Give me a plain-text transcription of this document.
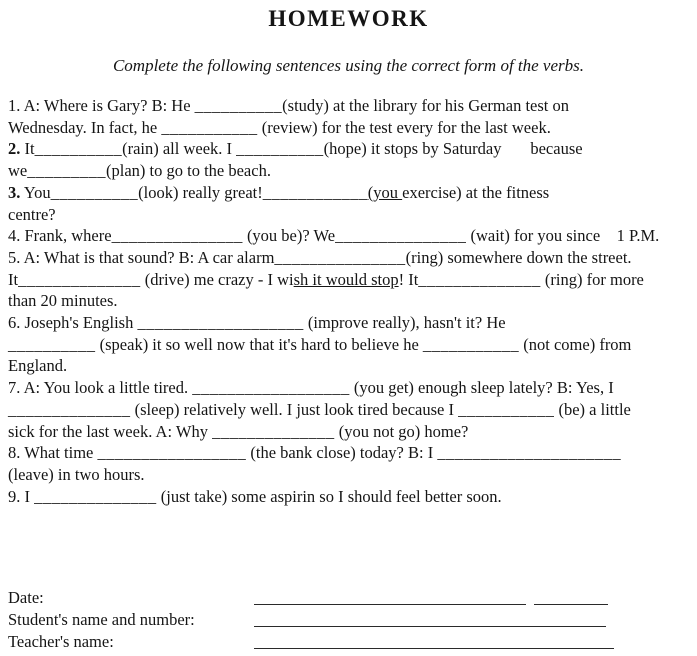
HOMEWORK

Complete the following sentences using the correct form of the verbs.

1. A: Where is Gary? B: He __________(study) at the library for his German test on
Wednesday. In fact, he ___________ (review) for the test every for the last week.
2. It__________(rain) all week. I __________(hope) it stops by Saturday       because
we_________(plan) to go to the beach.
3. You__________(look) really great!____________(you exercise) at the fitness
centre?
4. Frank, where_______________ (you be)? We_______________ (wait) for you since    1 P.M.
5. A: What is that sound? B: A car alarm_______________(ring) somewhere down the street.
It______________ (drive) me crazy - I wish it would stop! It______________ (ring) for more
than 20 minutes.
6. Joseph's English ___________________ (improve really), hasn't it? He
__________ (speak) it so well now that it's hard to believe he ___________ (not come) from
England.
7. A: You look a little tired. __________________ (you get) enough sleep lately? B: Yes, I
______________ (sleep) relatively well. I just look tired because I ___________ (be) a little
sick for the last week. A: Why ______________ (you not go) home?
8. What time _________________ (the bank close) today? B: I _____________________
(leave) in two hours.
9. I ______________ (just take) some aspirin so I should feel better soon.
Date:
Student's name and number:
Teacher's name:
